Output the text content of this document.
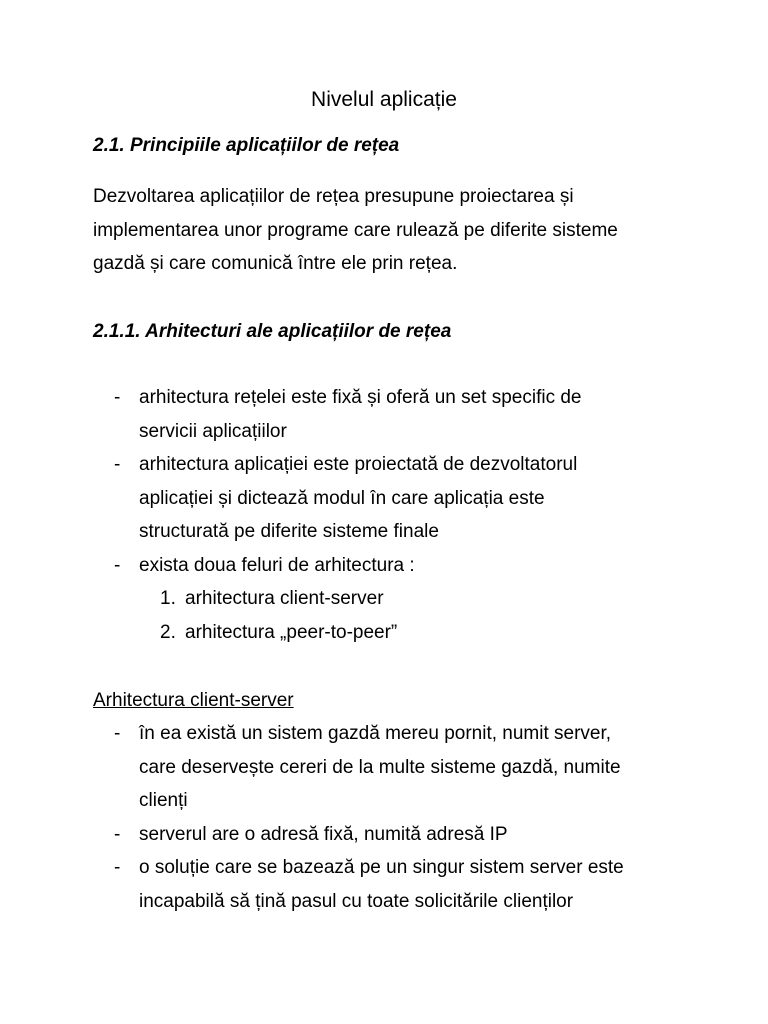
Nivelul aplicație
2.1. Principiile aplicațiilor de rețea
Dezvoltarea aplicațiilor de rețea presupune proiectarea și
implementarea unor programe care rulează pe diferite sisteme
gazdă și care comunică între ele prin rețea.
2.1.1. Arhitecturi ale aplicațiilor de rețea
- arhitectura rețelei este fixă și oferă un set specific de
servicii aplicațiilor
- arhitectura aplicației este proiectată de dezvoltatorul
aplicației și dictează modul în care aplicația este
structurată pe diferite sisteme finale
- exista doua feluri de arhitectura :
1. arhitectura client-server
2. arhitectura „peer-to-peer”
Arhitectura client-server
- în ea există un sistem gazdă mereu pornit, numit server,
care deservește cereri de la multe sisteme gazdă, numite
clienți
- serverul are o adresă fixă, numită adresă IP
- o soluție care se bazează pe un singur sistem server este
incapabilă să țină pasul cu toate solicitările clienților
